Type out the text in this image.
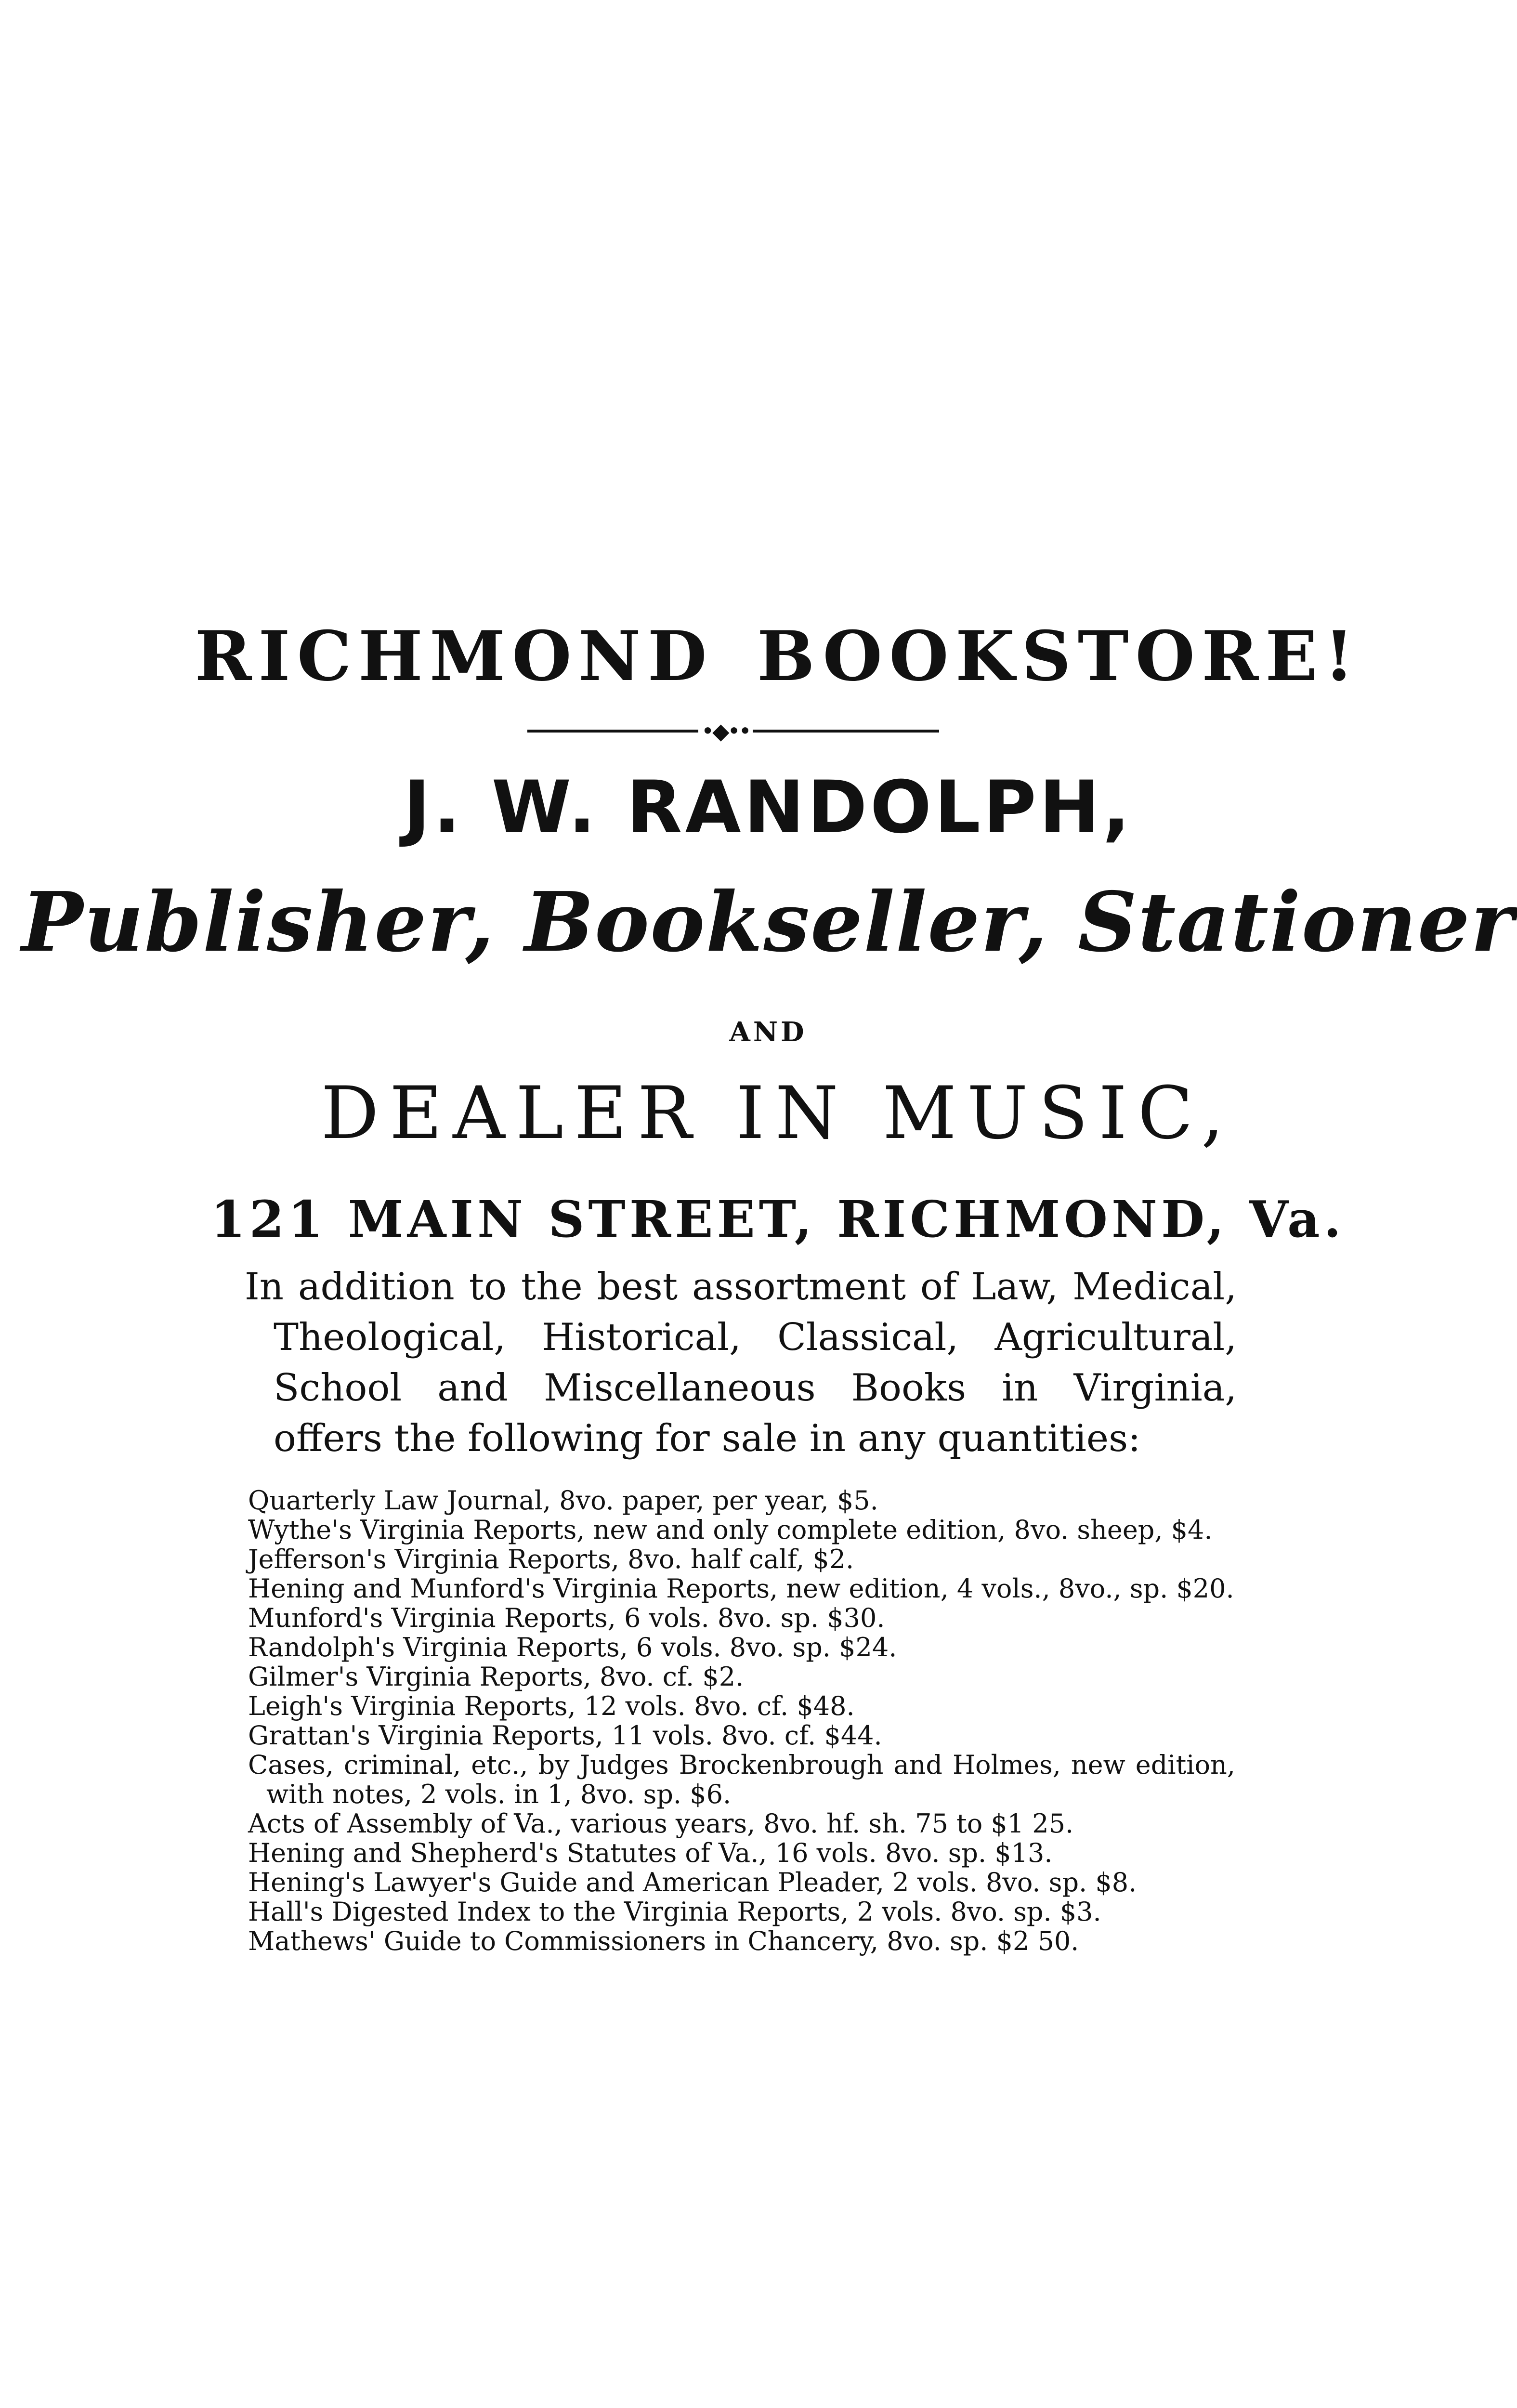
RICHMOND BOOKSTORE!
•◆••
J. W. RANDOLPH,
Publisher, Bookseller, Stationer
AND
DEALER IN MUSIC,
121 MAIN STREET, RICHMOND, Va.
In addition to the best assortment of Law, Medical, Theological, Historical, Classical, Agricultural, School and Miscellaneous Books in Virginia, offers the following for sale in any quantities:
Quarterly Law Journal, 8vo. paper, per year, $5.
Wythe's Virginia Reports, new and only complete edition, 8vo. sheep, $4.
Jefferson's Virginia Reports, 8vo. half calf, $2.
Hening and Munford's Virginia Reports, new edition, 4 vols., 8vo., sp. $20.
Munford's Virginia Reports, 6 vols. 8vo. sp. $30.
Randolph's Virginia Reports, 6 vols. 8vo. sp. $24.
Gilmer's Virginia Reports, 8vo. cf. $2.
Leigh's Virginia Reports, 12 vols. 8vo. cf. $48.
Grattan's Virginia Reports, 11 vols. 8vo. cf. $44.
Cases, criminal, etc., by Judges Brockenbrough and Holmes, new edition, with notes, 2 vols. in 1, 8vo. sp. $6.
Acts of Assembly of Va., various years, 8vo. hf. sh. 75 to $1 25.
Hening and Shepherd's Statutes of Va., 16 vols. 8vo. sp. $13.
Hening's Lawyer's Guide and American Pleader, 2 vols. 8vo. sp. $8.
Hall's Digested Index to the Virginia Reports, 2 vols. 8vo. sp. $3.
Mathews' Guide to Commissioners in Chancery, 8vo. sp. $2 50.
